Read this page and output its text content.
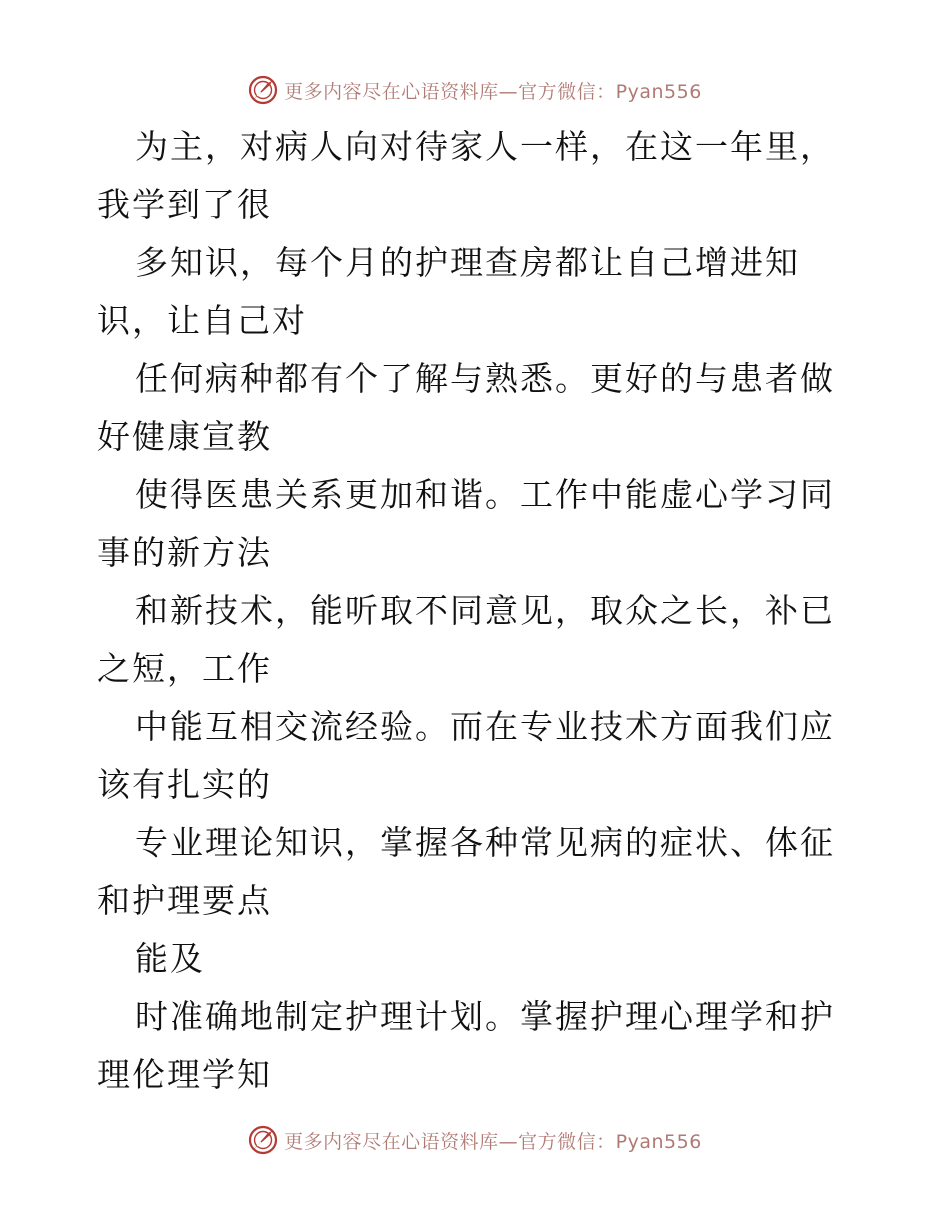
更多内容尽在心语资料库—官方微信：Pyan556

为主，对病人向对待家人一样，在这一年里，我学到了很

多知识，每个月的护理查房都让自己增进知识，让自己对

任何病种都有个了解与熟悉。更好的与患者做好健康宣教

使得医患关系更加和谐。工作中能虚心学习同事的新方法

和新技术，能听取不同意见，取众之长，补已之短，工作

中能互相交流经验。而在专业技术方面我们应该有扎实的

专业理论知识，掌握各种常见病的症状、体征和护理要点

能及

时准确地制定护理计划。掌握护理心理学和护理伦理学知

更多内容尽在心语资料库—官方微信：Pyan556
